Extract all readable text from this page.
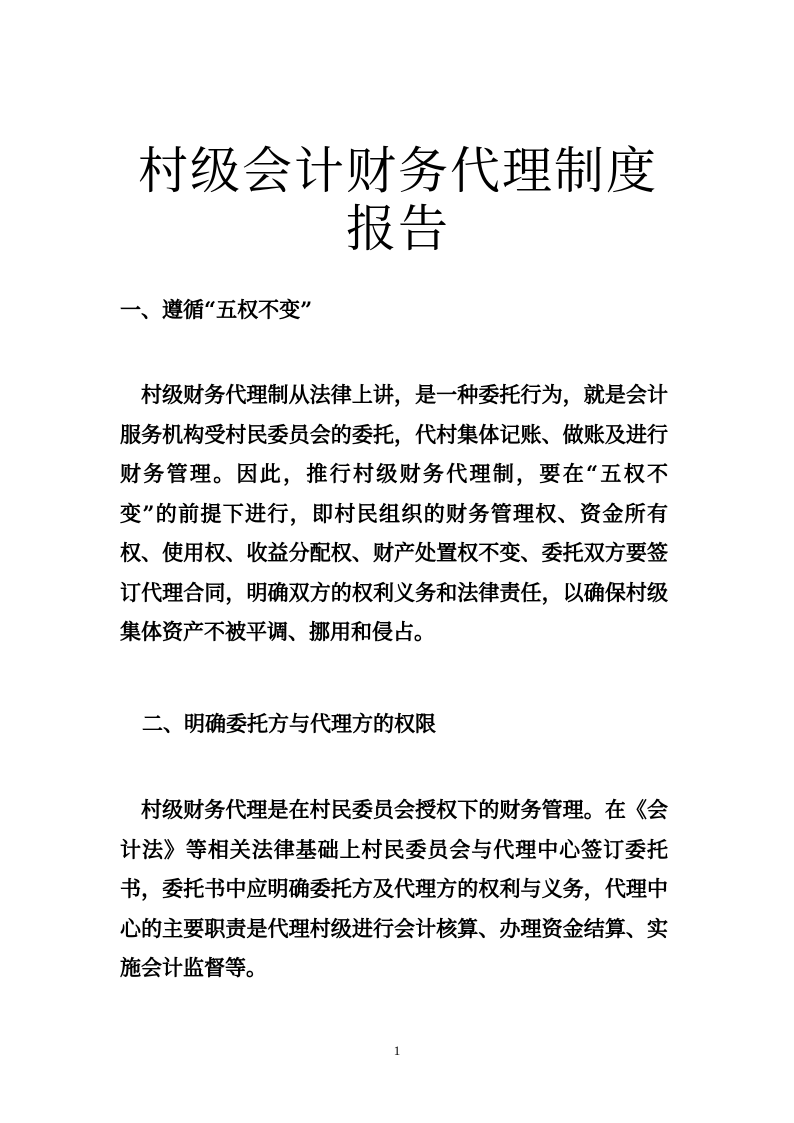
村级会计财务代理制度报告
一、遵循“五权不变”

村级财务代理制从法律上讲，是一种委托行为，就是会计服务机构受村民委员会的委托，代村集体记账、做账及进行财务管理。因此，推行村级财务代理制，要在“五权不变”的前提下进行，即村民组织的财务管理权、资金所有权、使用权、收益分配权、财产处置权不变、委托双方要签订代理合同，明确双方的权利义务和法律责任，以确保村级集体资产不被平调、挪用和侵占。

二、明确委托方与代理方的权限

村级财务代理是在村民委员会授权下的财务管理。在《会计法》等相关法律基础上村民委员会与代理中心签订委托书，委托书中应明确委托方及代理方的权利与义务，代理中心的主要职责是代理村级进行会计核算、办理资金结算、实施会计监督等。

1
